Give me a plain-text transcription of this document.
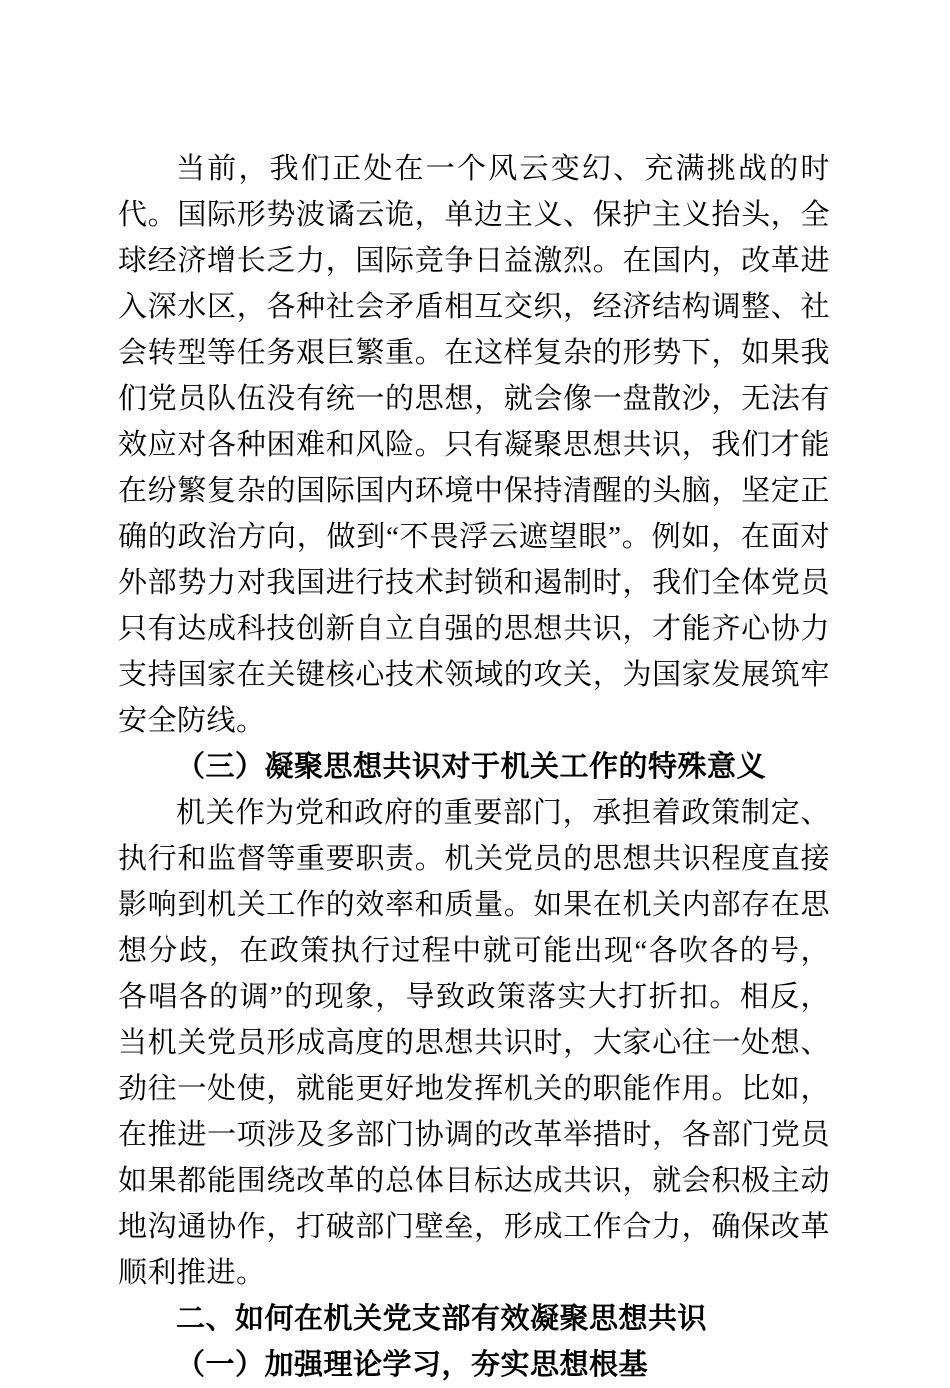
当前，我们正处在一个风云变幻、充满挑战的时代。国际形势波谲云诡，单边主义、保护主义抬头，全球经济增长乏力，国际竞争日益激烈。在国内，改革进入深水区，各种社会矛盾相互交织，经济结构调整、社会转型等任务艰巨繁重。在这样复杂的形势下，如果我们党员队伍没有统一的思想，就会像一盘散沙，无法有效应对各种困难和风险。只有凝聚思想共识，我们才能在纷繁复杂的国际国内环境中保持清醒的头脑，坚定正确的政治方向，做到“不畏浮云遮望眼”。例如，在面对外部势力对我国进行技术封锁和遏制时，我们全体党员只有达成科技创新自立自强的思想共识，才能齐心协力支持国家在关键核心技术领域的攻关，为国家发展筑牢安全防线。

（三）凝聚思想共识对于机关工作的特殊意义

机关作为党和政府的重要部门，承担着政策制定、执行和监督等重要职责。机关党员的思想共识程度直接影响到机关工作的效率和质量。如果在机关内部存在思想分歧，在政策执行过程中就可能出现“各吹各的号，各唱各的调”的现象，导致政策落实大打折扣。相反，当机关党员形成高度的思想共识时，大家心往一处想、劲往一处使，就能更好地发挥机关的职能作用。比如，在推进一项涉及多部门协调的改革举措时，各部门党员如果都能围绕改革的总体目标达成共识，就会积极主动地沟通协作，打破部门壁垒，形成工作合力，确保改革顺利推进。

二、如何在机关党支部有效凝聚思想共识

（一）加强理论学习，夯实思想根基
